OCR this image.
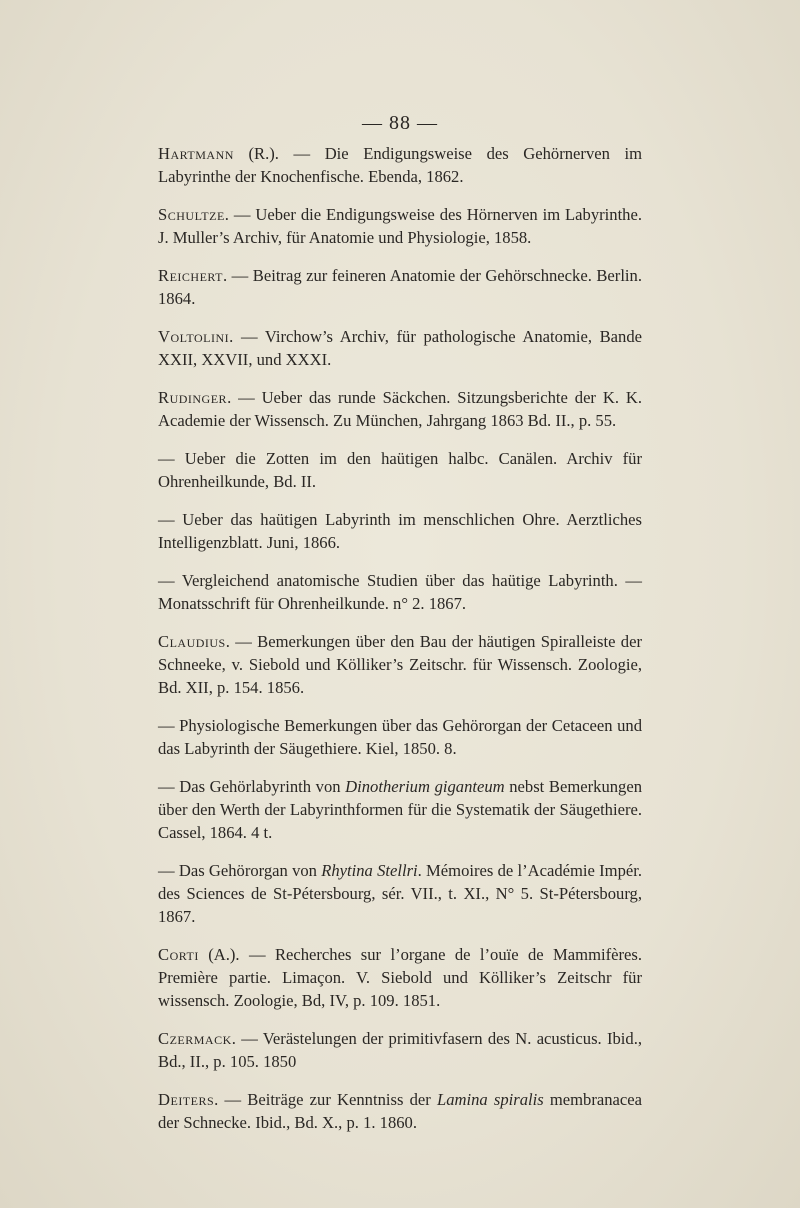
— 88 —

Hartmann (R.). — Die Endigungsweise des Gehörnerven im Labyrinthe der Knochenfische. Ebenda, 1862.

Schultze. — Ueber die Endigungsweise des Hörnerven im Labyrinthe. J. Muller’s Archiv, für Anatomie und Physiologie, 1858.

Reichert. — Beitrag zur feineren Anatomie der Gehörschnecke. Berlin. 1864.

Voltolini. — Virchow’s Archiv, für pathologische Anatomie, Bande XXII, XXVII, und XXXI.

Rudinger. — Ueber das runde Säckchen. Sitzungsberichte der K. K. Academie der Wissensch. Zu München, Jahrgang 1863 Bd. II., p. 55.

— Ueber die Zotten im den haütigen halbc. Canälen. Archiv für Ohrenheilkunde, Bd. II.

— Ueber das haütigen Labyrinth im menschlichen Ohre. Aerztliches Intelligenzblatt. Juni, 1866.

— Vergleichend anatomische Studien über das haütige Labyrinth. — Monatsschrift für Ohrenheilkunde. n° 2. 1867.

Claudius. — Bemerkungen über den Bau der häutigen Spiralleiste der Schneeke, v. Siebold und Kölliker’s Zeitschr. für Wissensch. Zoologie, Bd. XII, p. 154. 1856.

— Physiologische Bemerkungen über das Gehörorgan der Cetaceen und das Labyrinth der Säugethiere. Kiel, 1850. 8.

— Das Gehörlabyrinth von Dinotherium giganteum nebst Bemerkungen über den Werth der Labyrinthformen für die Systematik der Säugethiere. Cassel, 1864. 4 t.

— Das Gehörorgan von Rhytina Stellri. Mémoires de l’Académie Impér. des Sciences de St-Pétersbourg, sér. VII., t. XI., N° 5. St-Pétersbourg, 1867.

Corti (A.). — Recherches sur l’organe de l’ouïe de Mammifères. Première partie. Limaçon. V. Siebold und Kölliker’s Zeitschr für wissensch. Zoologie, Bd, IV, p. 109. 1851.

Czermack. — Verästelungen der primitivfasern des N. acusticus. Ibid., Bd., II., p. 105. 1850

Deiters. — Beiträge zur Kenntniss der Lamina spiralis membranacea der Schnecke. Ibid., Bd. X., p. 1. 1860.
